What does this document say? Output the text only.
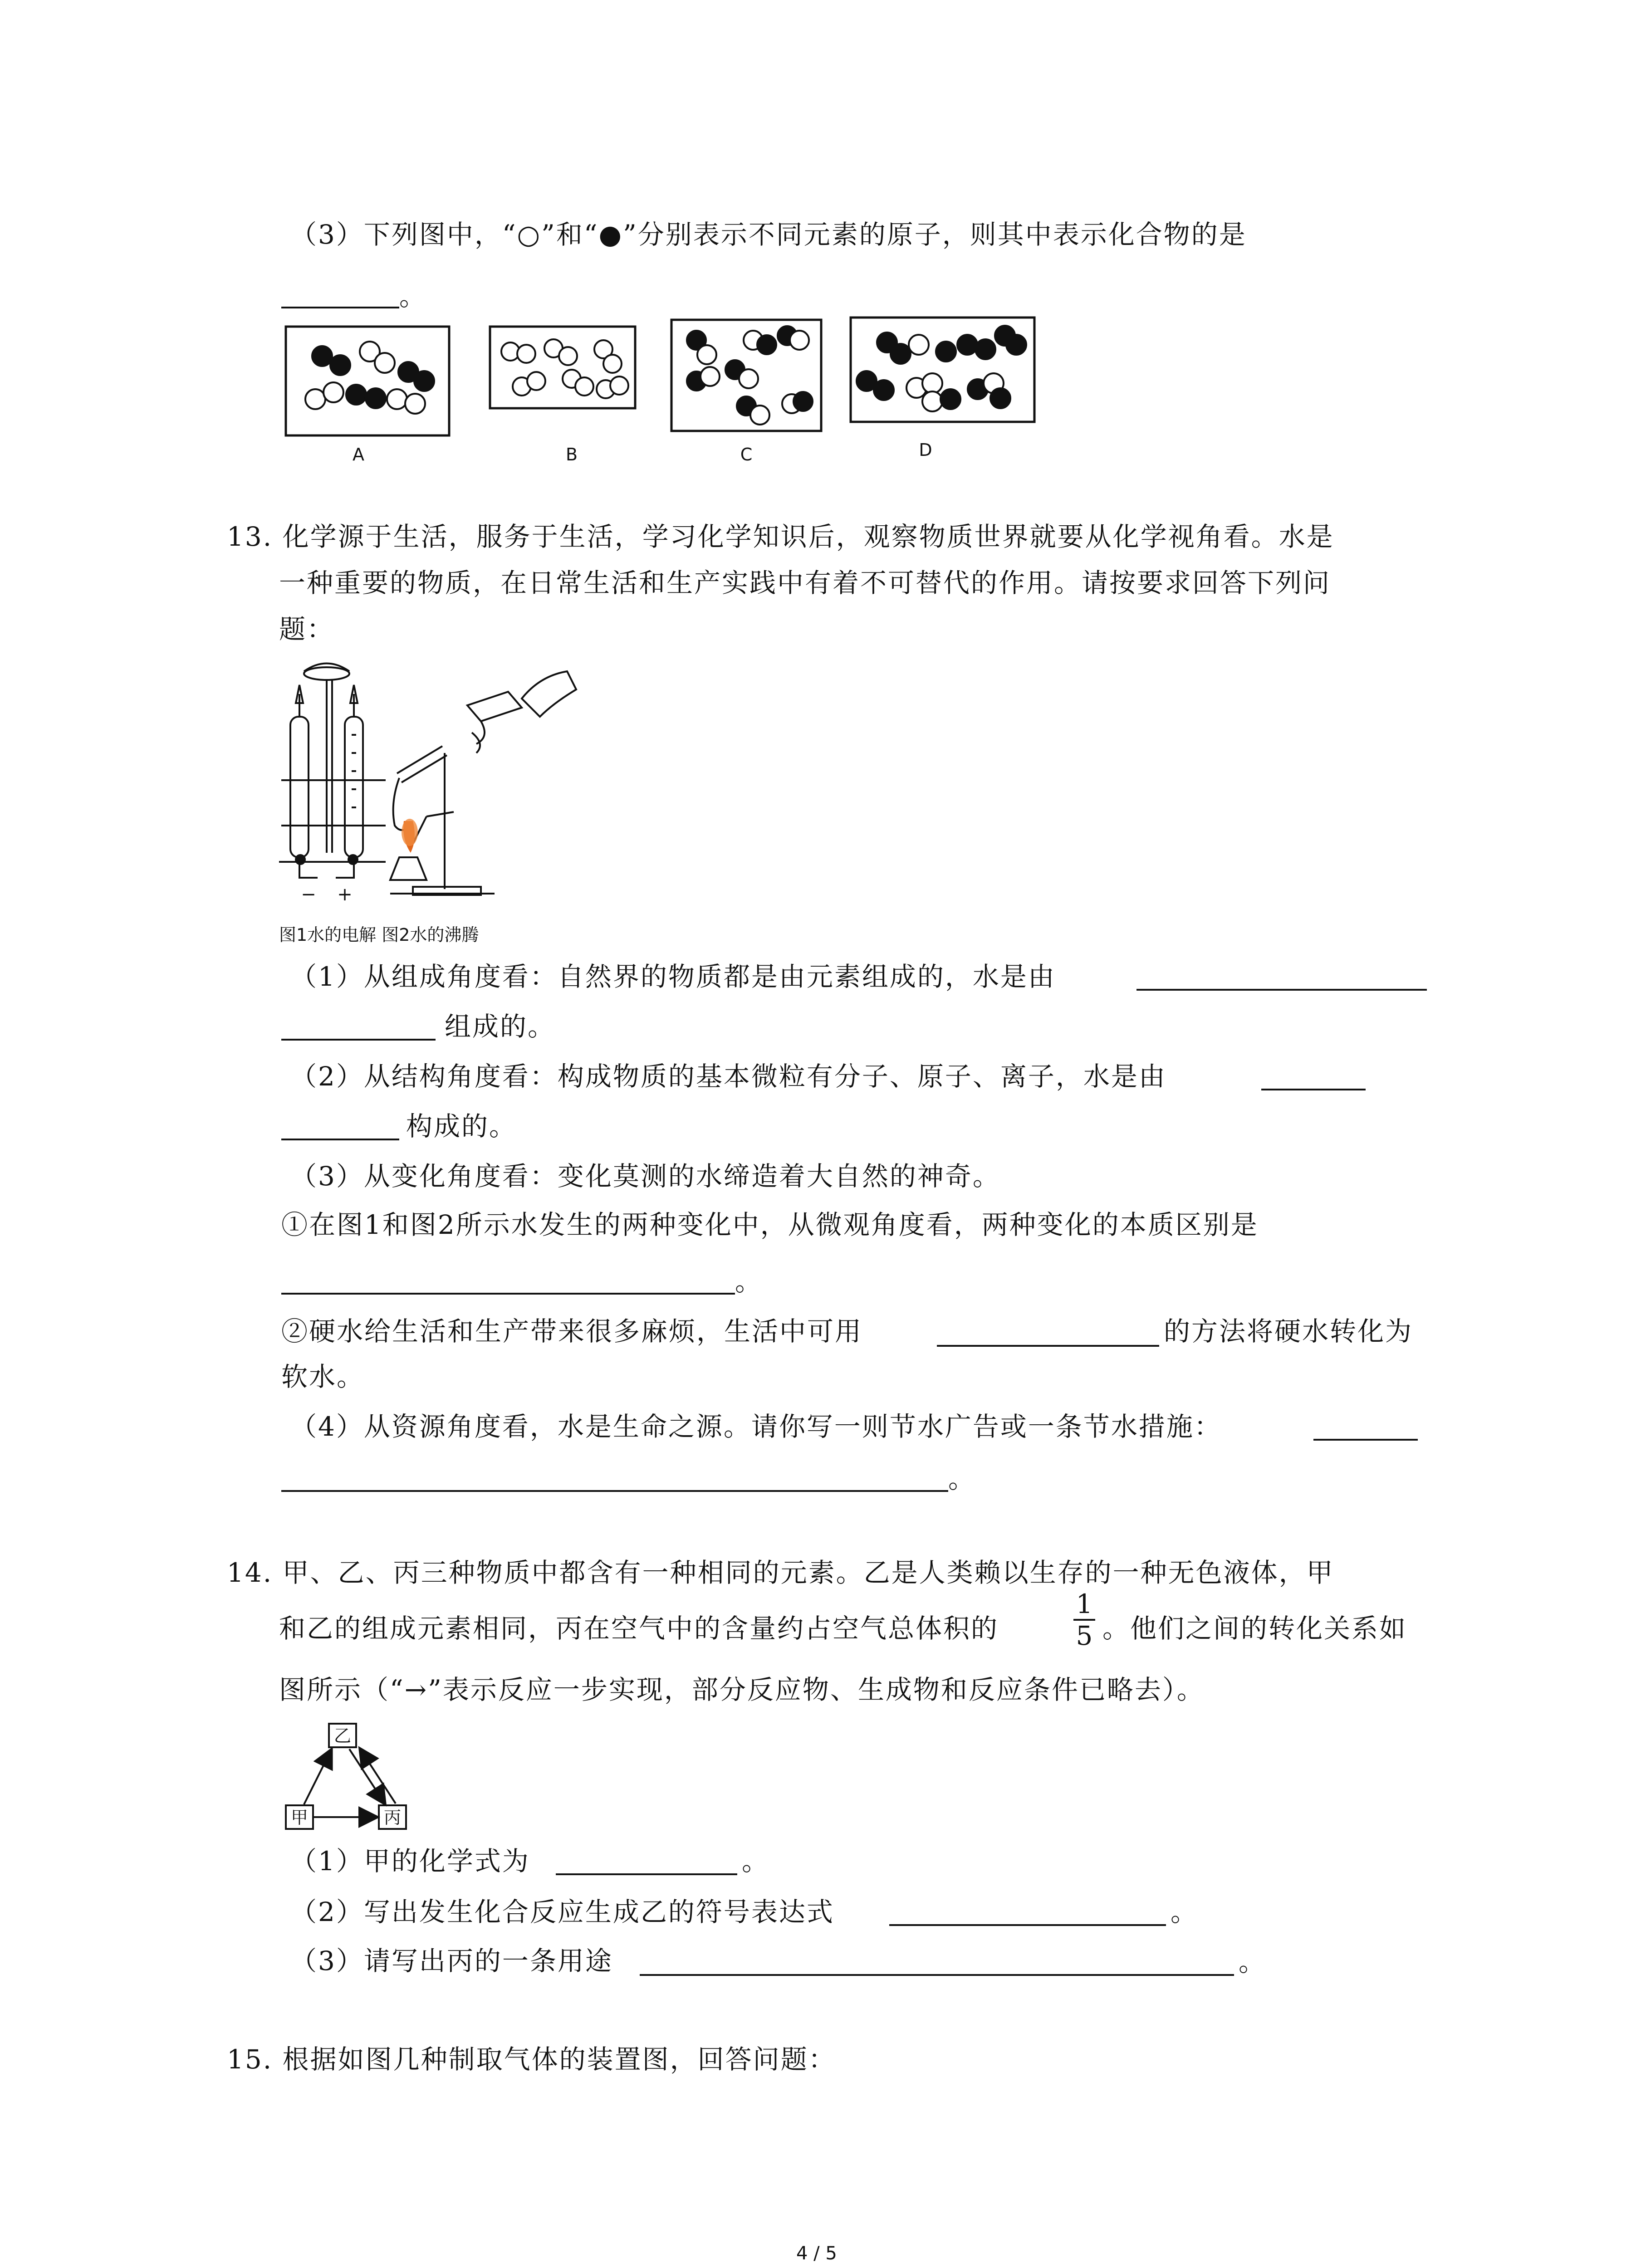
（3）下列图中，“○”和“●”分别表示不同元素的原子，则其中表示化合物的是
。
A	B	C	D
13. 化学源于生活，服务于生活，学习化学知识后，观察物质世界就要从化学视角看。水是
一种重要的物质，在日常生活和生产实践中有着不可替代的作用。请按要求回答下列问
题：
− +
图1水的电解 图2水的沸腾
（1）从组成角度看：自然界的物质都是由元素组成的，水是由
组成的。
（2）从结构角度看：构成物质的基本微粒有分子、原子、离子，水是由
构成的。
（3）从变化角度看：变化莫测的水缔造着大自然的神奇。
①在图1和图2所示水发生的两种变化中，从微观角度看，两种变化的本质区别是
。
②硬水给生活和生产带来很多麻烦，生活中可用	的方法将硬水转化为
软水。
（4）从资源角度看，水是生命之源。请你写一则节水广告或一条节水措施：
。
14. 甲、乙、丙三种物质中都含有一种相同的元素。乙是人类赖以生存的一种无色液体，甲
和乙的组成元素相同，丙在空气中的含量约占空气总体积的
1
5 。他们之间的转化关系如
图所示（“→”表示反应一步实现，部分反应物、生成物和反应条件已略去）。
乙
甲	丙
（1）甲的化学式为	。
（2）写出发生化合反应生成乙的符号表达式	。
（3）请写出丙的一条用途	。
15. 根据如图几种制取气体的装置图，回答问题：
4 / 5
